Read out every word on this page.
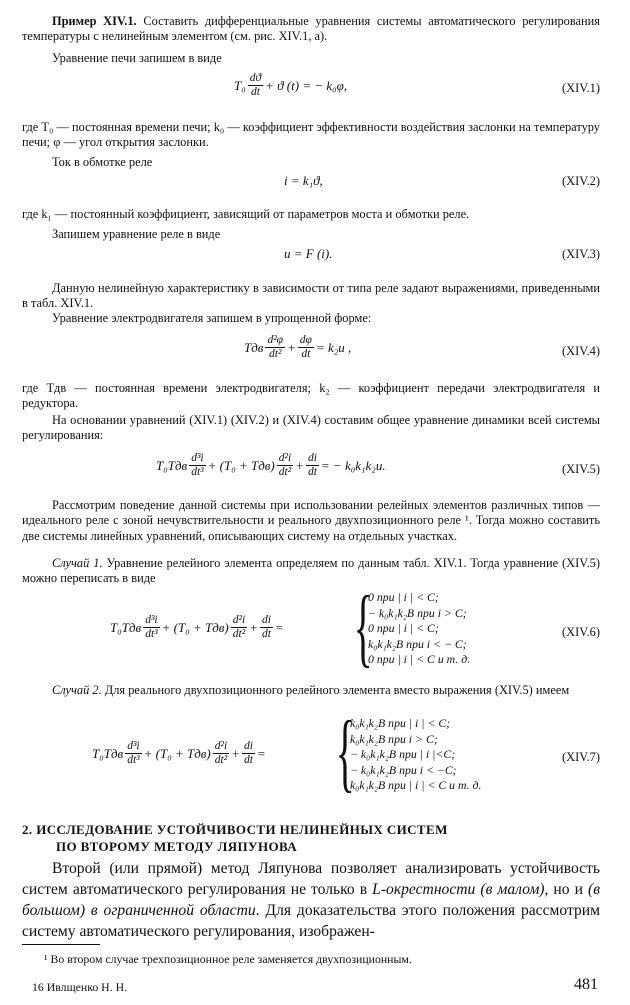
Пример XIV.1. Составить дифференциальные уравнения системы автоматического регулирования температуры с нелинейным элементом (см. рис. XIV.1, а).

Уравнение печи запишем в виде

$T_0 \frac{dϑ}{dt} + ϑ$ (t) = − k₀φ,	(XIV.1)

где T₀ — постоянная времени печи; k₀ — коэффициент эффективности воздействия заслонки на температуру печи; φ — угол открытия заслонки.

Ток в обмотке реле

i = k₁ϑ,	(XIV.2)

где k₁ — постоянный коэффициент, зависящий от параметров моста и обмотки реле.

Запишем уравнение реле в виде

u = F (i).	(XIV.3)

Данную нелинейную характеристику в зависимости от типа реле задают выражениями, приведенными в табл. XIV.1.

Уравнение электродвигателя запишем в упрощенной форме:

Tдв $\frac{\text{d²φ}}{\text{dt²}} + \frac{d\varphi}{dt} = k_2u$ ,	(XIV.4)

где Tдв — постоянная времени электродвигателя; k₂ — коэффициент передачи электродвигателя и редуктора.

На основании уравнений (XIV.1) (XIV.2) и (XIV.4) составим общее уравнение динамики всей системы регулирования:

$T_0Tдв \frac{\text{d³i}}{\text{dt³}} + (T_0 + Tдв) \frac{\text{d²i}}{\text{dt²}} + \frac{di}{dt}$ = − k₀k₁k₂u.	(XIV.5)

Рассмотрим поведение данной системы при использовании релейных элементов различных типов — идеального реле с зоной нечувствительности и реального двухпозиционного реле ¹. Тогда можно составить две системы линейных уравнений, описывающих систему на отдельных участках.

Случай 1. Уравнение релейного элемента определяем по данным табл. XIV.1. Тогда уравнение (XIV.5) можно переписать в виде

$T_0Tдв \frac{\text{d³i}}{\text{dt³}} + (T_0 + Tдв) \frac{\text{d²i}}{\text{dt²}} + \frac{di}{dt}$ = {
0 при | i | < C;
− k₀k₁k₂B при i > C;
0 при | i | < C;
k₀k₁k₂B при i < − C;
0 при | i | < C и т. д.
(XIV.6)

Случай 2. Для реального двухпозиционного релейного элемента вместо выражения (XIV.5) имеем

$T_0Tдв \frac{\text{d³i}}{\text{dt³}} + (T_0 + Tдв) \frac{\text{d²i}}{\text{dt²}} + \frac{di}{dt}$ = {
k₀k₁k₂B при | i | < C;
k₀k₁k₂B при i > C;
− k₀k₁k₂B при | i |<C;
− k₀k₁k₂B при i < −C;
k₀k₁k₂B при | i | < C и т. д.
(XIV.7)
2. ИССЛЕДОВАНИЕ УСТОЙЧИВОСТИ НЕЛИНЕЙНЫХ СИСТЕМ
ПО ВТОРОМУ МЕТОДУ ЛЯПУНОВА

Второй (или прямой) метод Ляпунова позволяет анализировать устойчивость систем автоматического регулирования не только в L-окрестности (в малом), но и (в большом) в ограниченной области. Для доказательства этого положения рассмотрим систему автоматического регулирования, изображен-

¹ Во втором случае трехпозиционное реле заменяется двухпозиционным.
16 Ивлщенко Н. Н.	481
